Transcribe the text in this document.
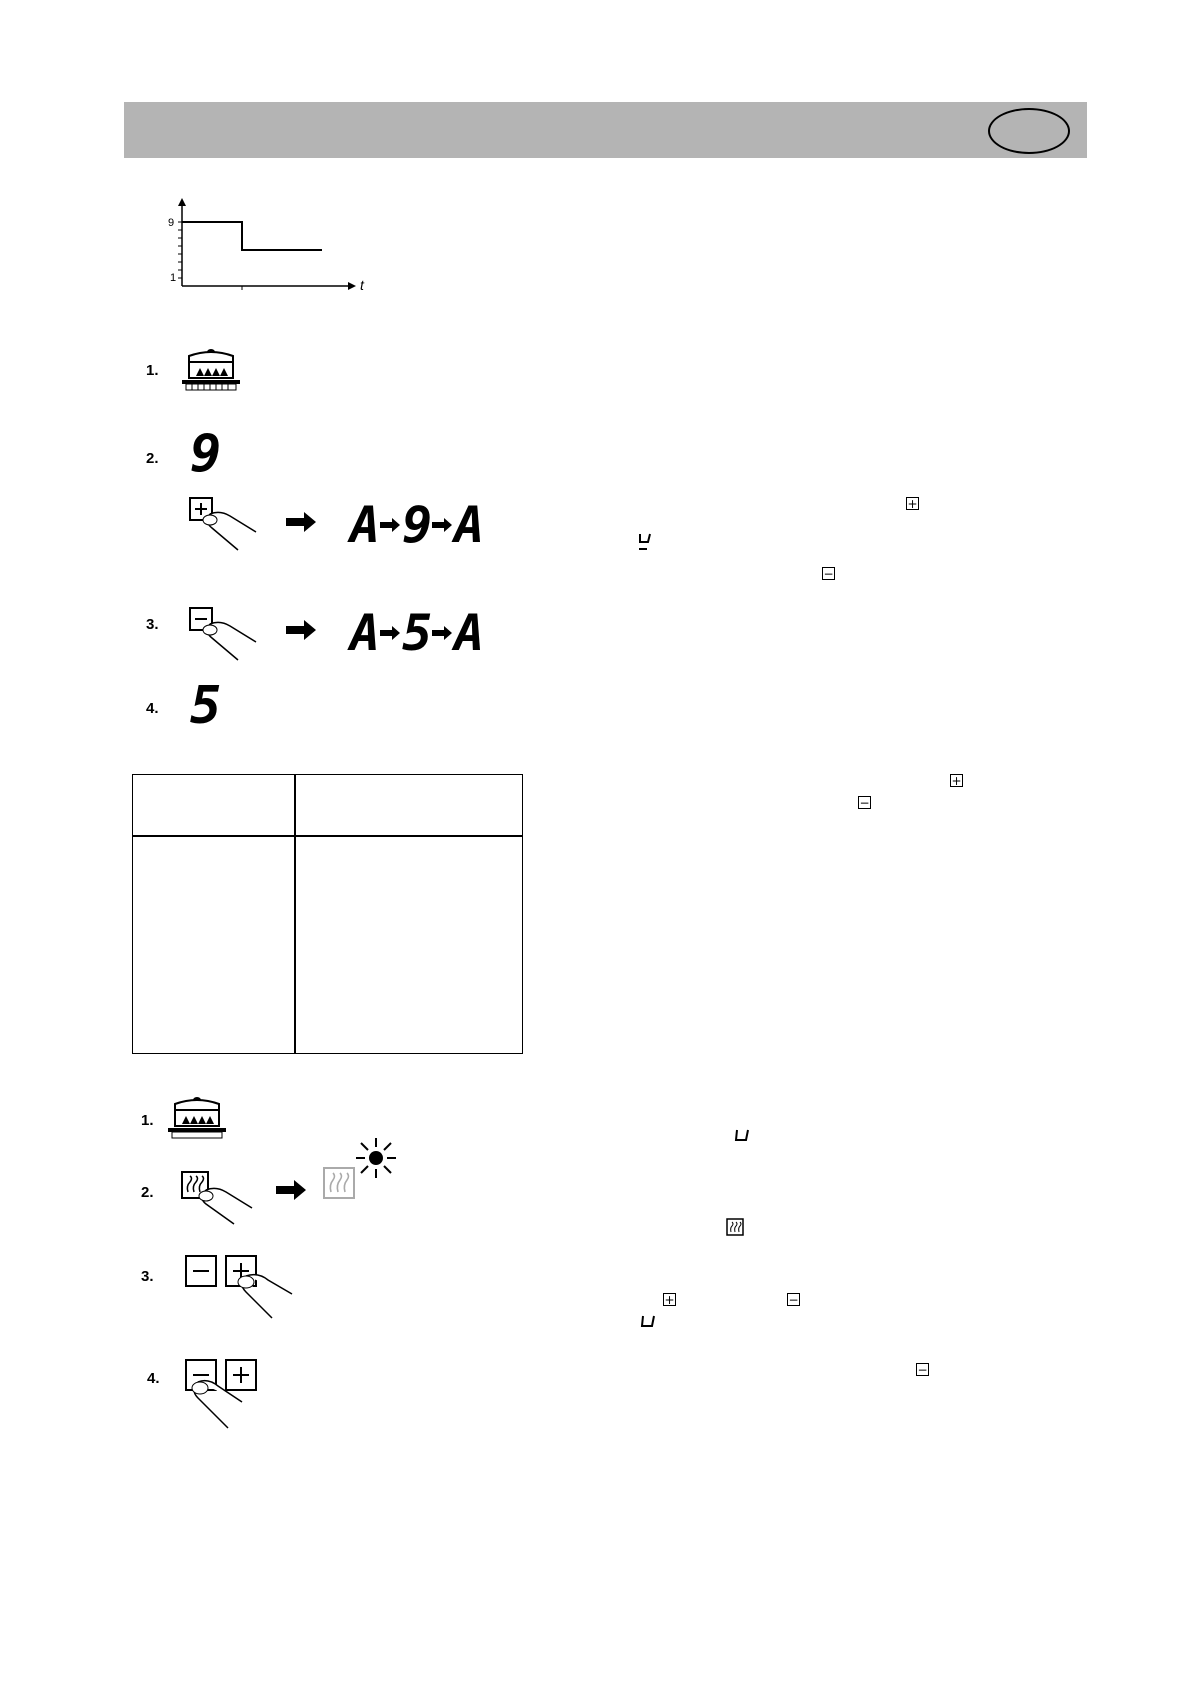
9
1	t
1.
2. 9
A 9 A
3.	A 5 A
4. 5
+
−
+
−
1.
2.
3.
4.
+	−
−
